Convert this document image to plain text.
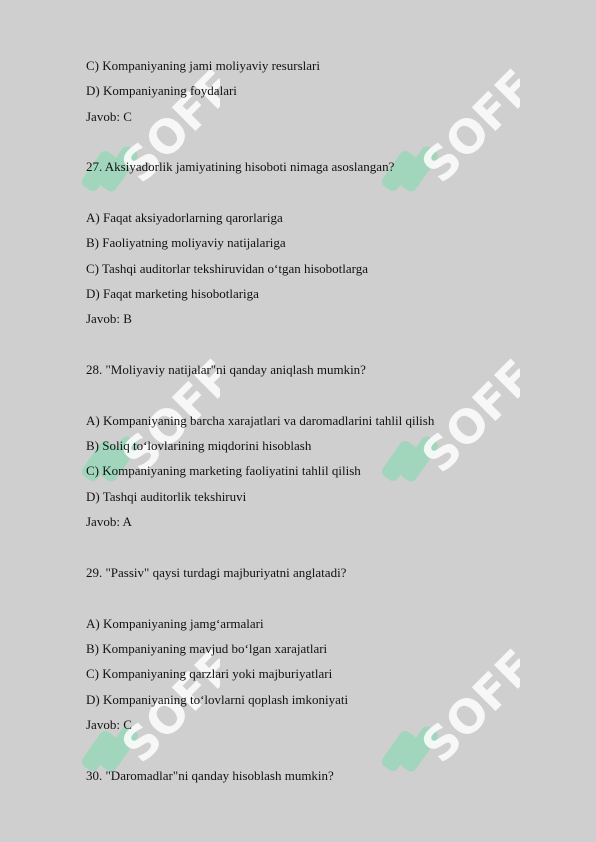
SOFF	SOFF
SOFF	SOFF
SOFF	SOFF
C) Kompaniyaning jami moliyaviy resurslari
D) Kompaniyaning foydalari
Javob: C
27. Aksiyadorlik jamiyatining hisoboti nimaga asoslangan?
A) Faqat aksiyadorlarning qarorlariga
B) Faoliyatning moliyaviy natijalariga
C) Tashqi auditorlar tekshiruvidan o‘tgan hisobotlarga
D) Faqat marketing hisobotlariga
Javob: B
28. "Moliyaviy natijalar"ni qanday aniqlash mumkin?
A) Kompaniyaning barcha xarajatlari va daromadlarini tahlil qilish
B) Soliq to‘lovlarining miqdorini hisoblash
C) Kompaniyaning marketing faoliyatini tahlil qilish
D) Tashqi auditorlik tekshiruvi
Javob: A
29. "Passiv" qaysi turdagi majburiyatni anglatadi?
A) Kompaniyaning jamg‘armalari
B) Kompaniyaning mavjud bo‘lgan xarajatlari
C) Kompaniyaning qarzlari yoki majburiyatlari
D) Kompaniyaning to‘lovlarni qoplash imkoniyati
Javob: C
30. "Daromadlar"ni qanday hisoblash mumkin?
